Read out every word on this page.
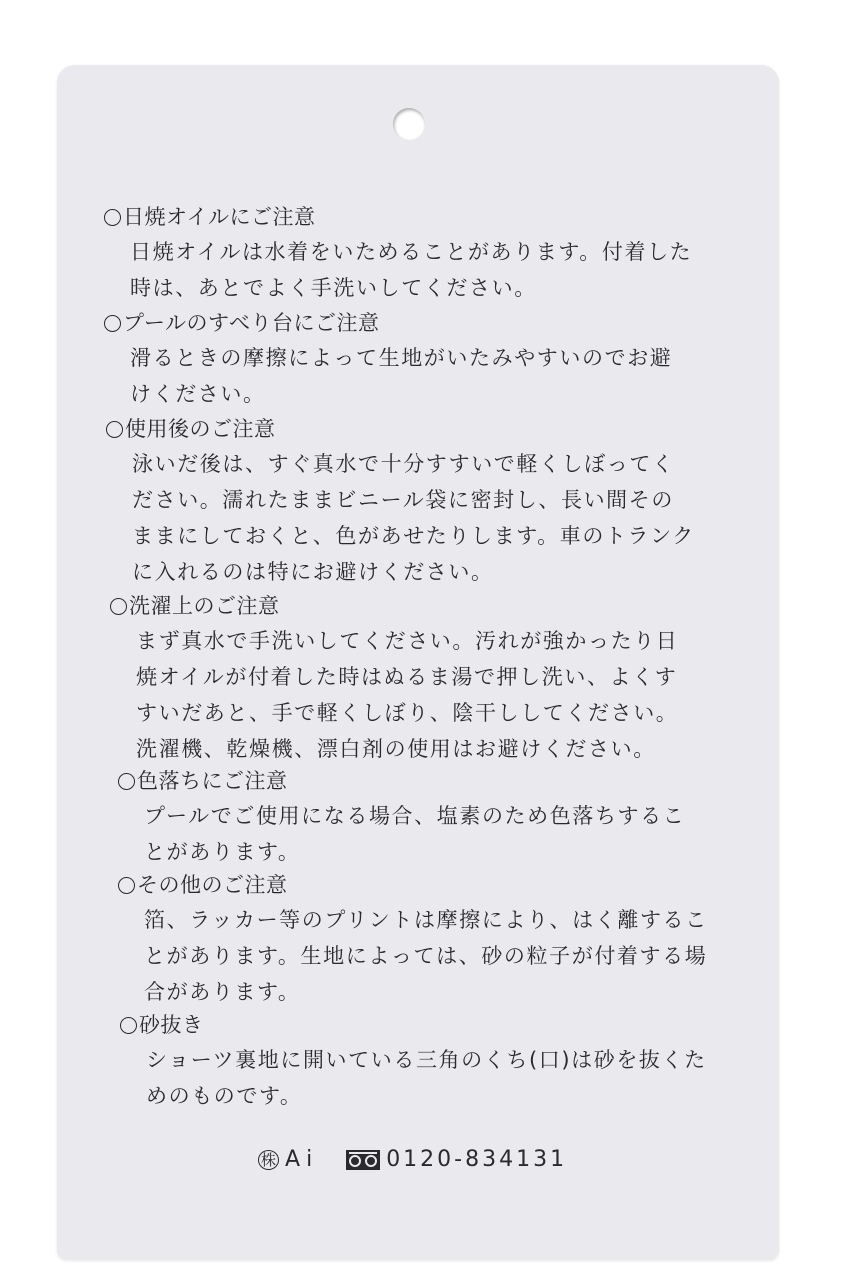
日焼オイルにご注意
日焼オイルは水着をいためることがあります。付着した
時は、あとでよく手洗いしてください。
プールのすべり台にご注意
滑るときの摩擦によって生地がいたみやすいのでお避
けください。
使用後のご注意
泳いだ後は、すぐ真水で十分すすいで軽くしぼってく
ださい。濡れたままビニール袋に密封し、長い間その
ままにしておくと、色があせたりします。車のトランク
に入れるのは特にお避けください。
洗濯上のご注意
まず真水で手洗いしてください。汚れが強かったり日
焼オイルが付着した時はぬるま湯で押し洗い、よくす
すいだあと、手で軽くしぼり、陰干ししてください。
洗濯機、乾燥機、漂白剤の使用はお避けください。
色落ちにご注意
プールでご使用になる場合、塩素のため色落ちするこ
とがあります。
その他のご注意
箔、ラッカー等のプリントは摩擦により、はく離するこ
とがあります。生地によっては、砂の粒子が付着する場
合があります。
砂抜き
ショーツ裏地に開いている三角のくち(口)は砂を抜くた
めのものです。
株 Ai	0120-834131
